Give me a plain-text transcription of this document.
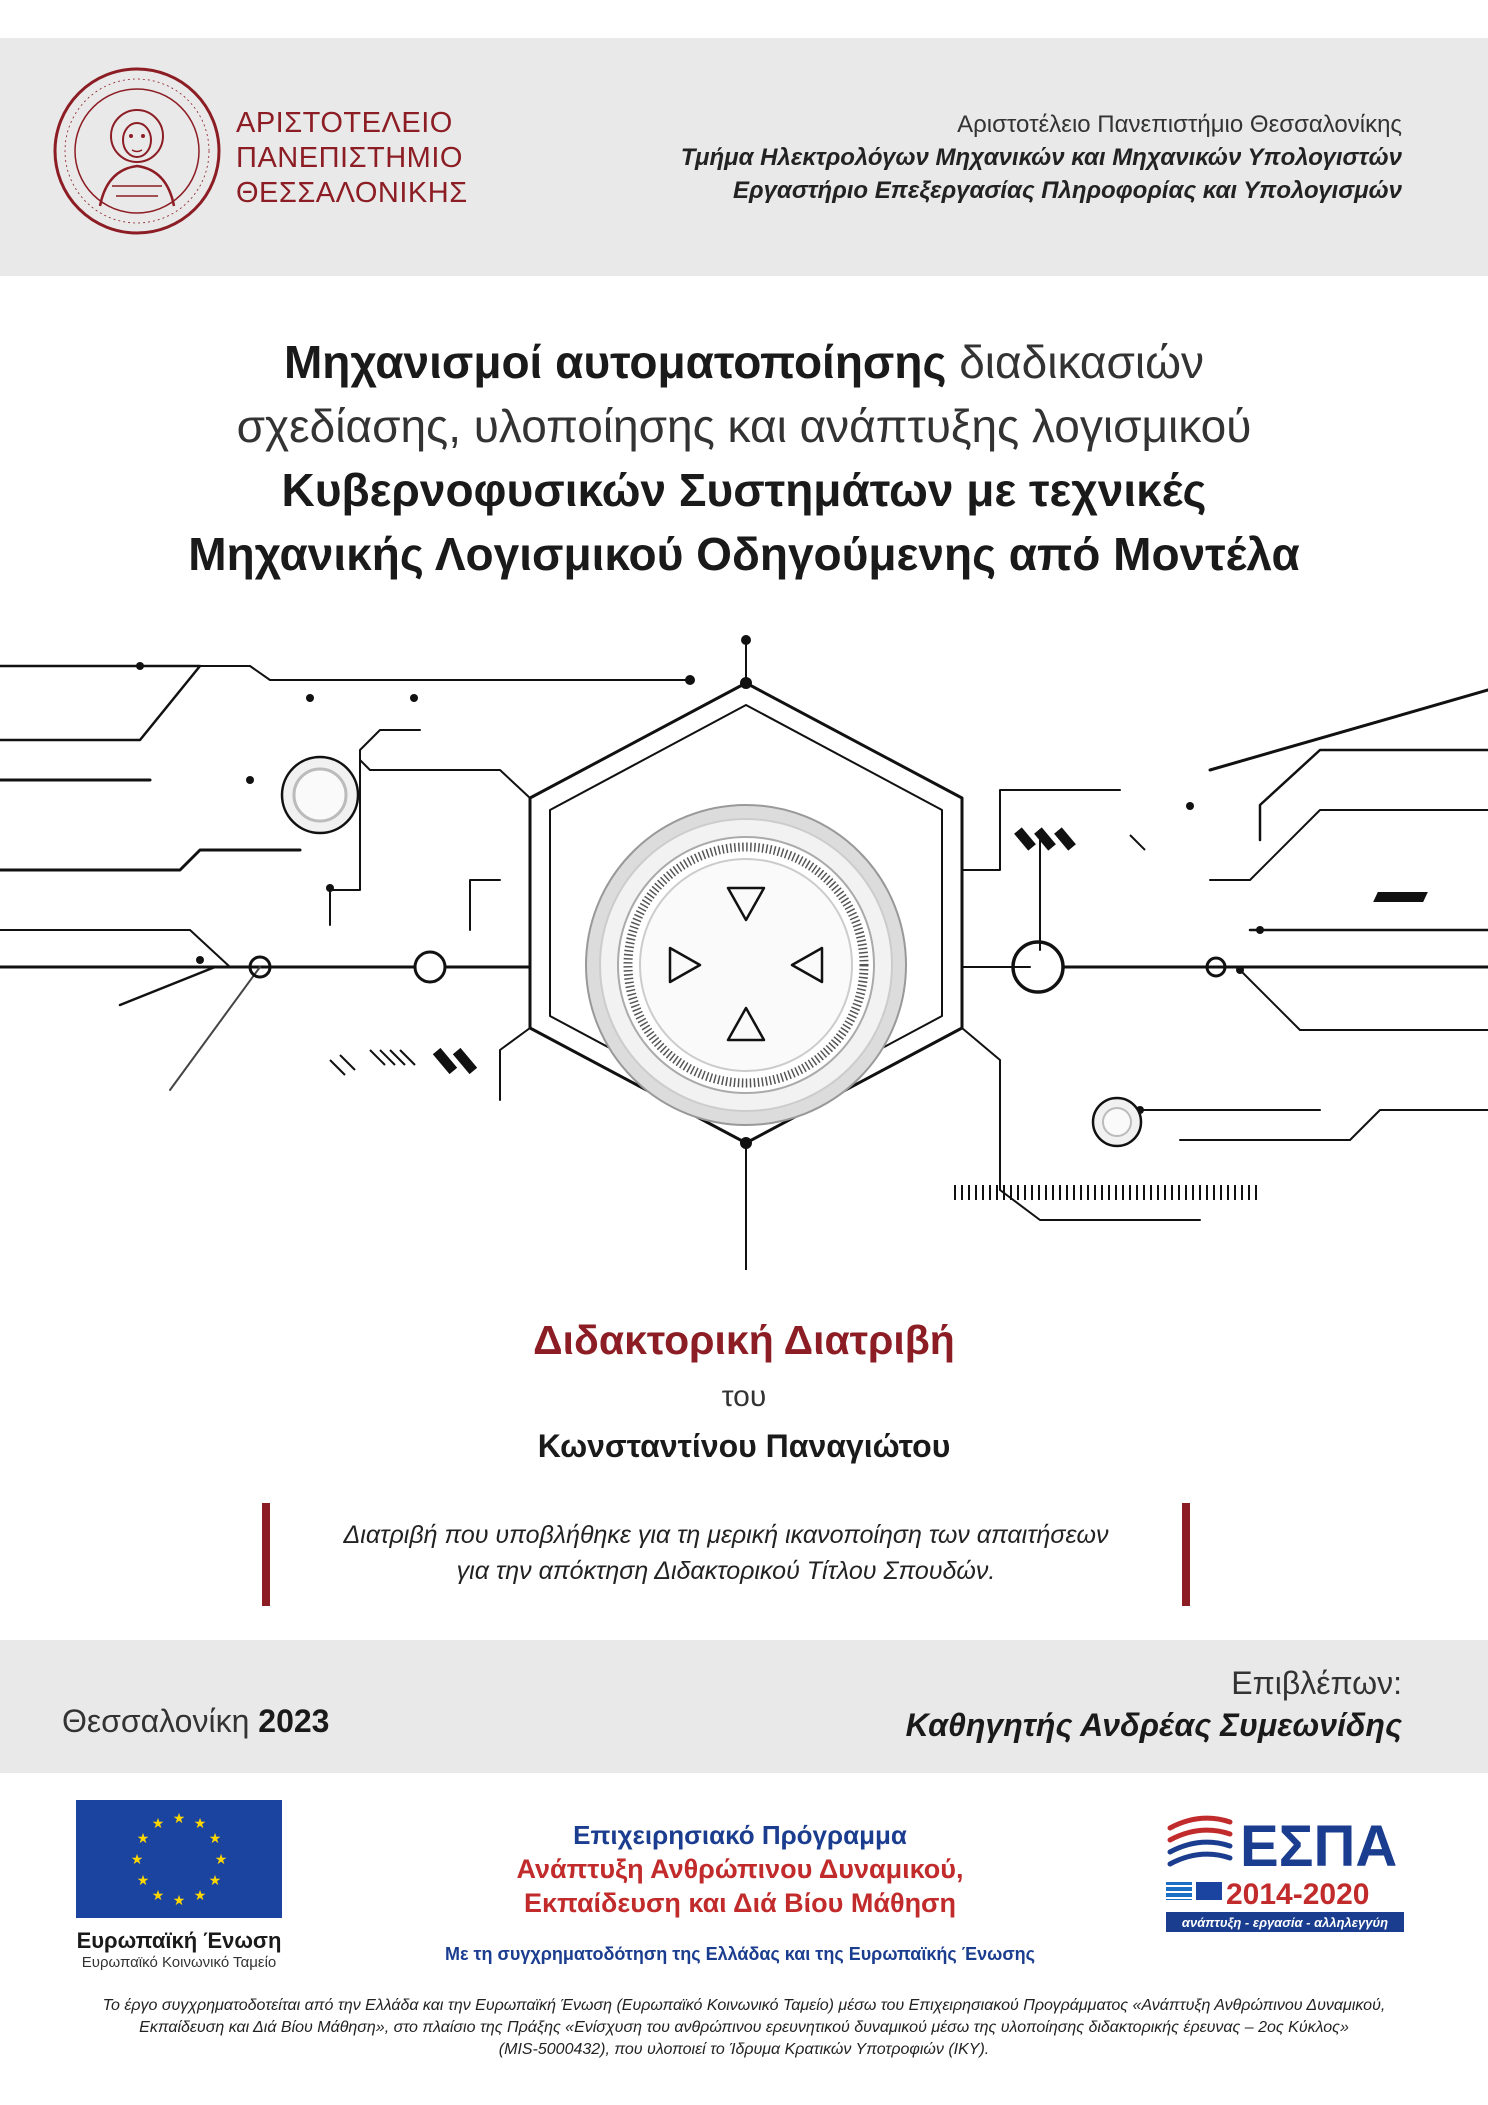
ΑΡΙΣΤΟΤΕΛΕΙΟ
ΠΑΝΕΠΙΣΤΗΜΙΟ
ΘΕΣΣΑΛΟΝΙΚΗΣ
Αριστοτέλειο Πανεπιστήμιο Θεσσαλονίκης
Τμήμα Ηλεκτρολόγων Μηχανικών και Μηχανικών Υπολογιστών
Εργαστήριο Επεξεργασίας Πληροφορίας και Υπολογισμών
Μηχανισμοί αυτοματοποίησης διαδικασιών
σχεδίασης, υλοποίησης και ανάπτυξης λογισμικού
Κυβερνοφυσικών Συστημάτων με τεχνικές
Μηχανικής Λογισμικού Οδηγούμενης από Μοντέλα
Διδακτορική Διατριβή
του
Κωνσταντίνου Παναγιώτου
Διατριβή που υποβλήθηκε για τη μερική ικανοποίηση των απαιτήσεων
για την απόκτηση Διδακτορικού Τίτλου Σπουδών.
Θεσσαλονίκη 2023
Επιβλέπων:
Καθηγητής Ανδρέας Συμεωνίδης
★ ★
★
★
★
★
★
★
★
★
★
★
Ευρωπαϊκή Ένωση
Ευρωπαϊκό Κοινωνικό Ταμείο
Επιχειρησιακό Πρόγραμμα
Ανάπτυξη Ανθρώπινου Δυναμικού,
Εκπαίδευση και Διά Βίου Μάθηση
Με τη συγχρηματοδότηση της Ελλάδας και της Ευρωπαϊκής Ένωσης
ΕΣΠΑ
2014-2020
ανάπτυξη - εργασία - αλληλεγγύη
Το έργο συγχρηματοδοτείται από την Ελλάδα και την Ευρωπαϊκή Ένωση (Ευρωπαϊκό Κοινωνικό Ταμείο) μέσω του Επιχειρησιακού Προγράμματος «Ανάπτυξη Ανθρώπινου Δυναμικού,
Εκπαίδευση και Διά Βίου Μάθηση», στο πλαίσιο της Πράξης «Ενίσχυση του ανθρώπινου ερευνητικού δυναμικού μέσω της υλοποίησης διδακτορικής έρευνας – 2ος Κύκλος»
(MIS-5000432), που υλοποιεί το Ίδρυμα Κρατικών Υποτροφιών (ΙΚΥ).
